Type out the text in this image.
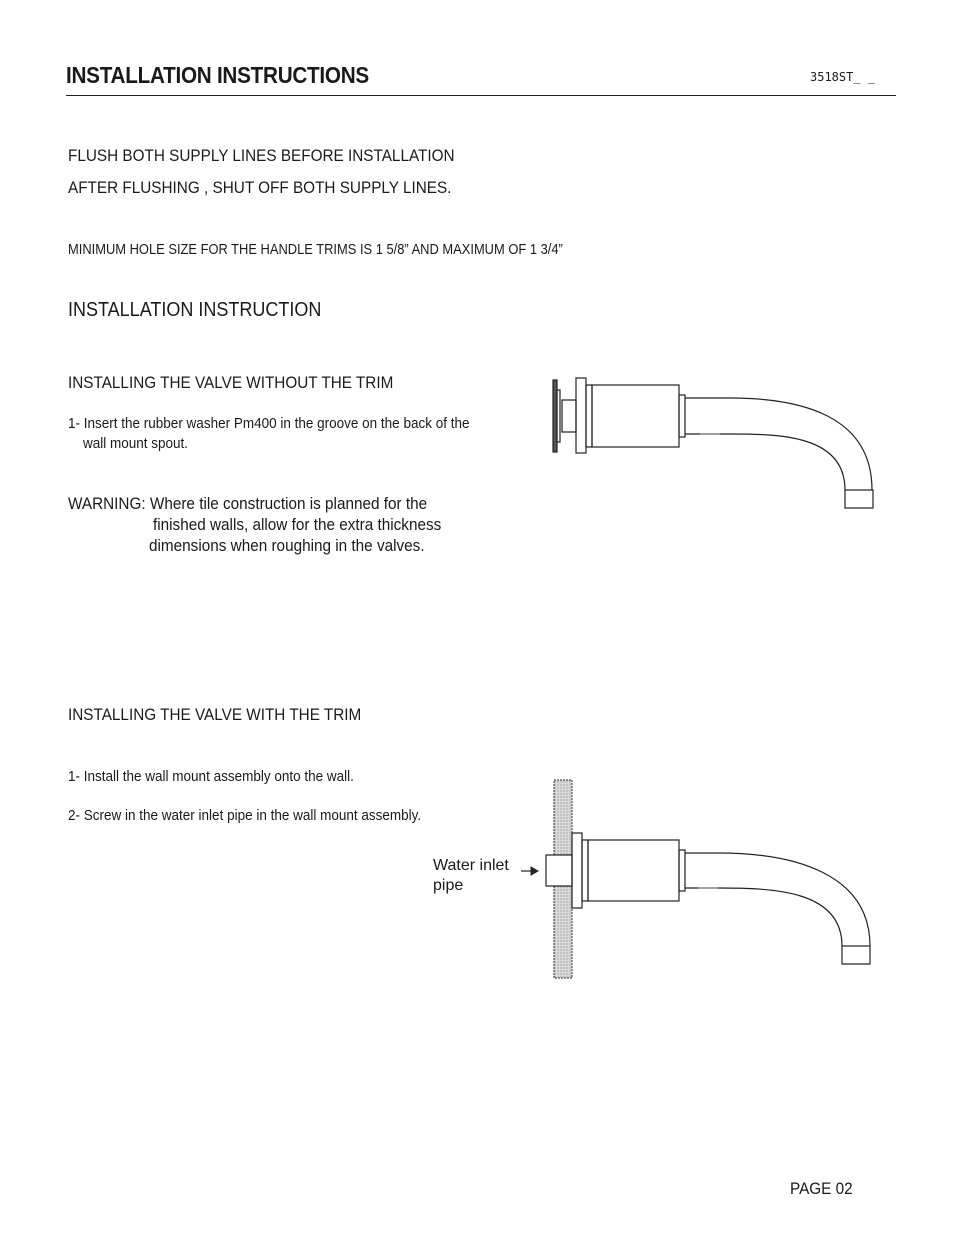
INSTALLATION INSTRUCTIONS	3518ST_ _
FLUSH BOTH SUPPLY LINES BEFORE INSTALLATION
AFTER FLUSHING , SHUT OFF BOTH SUPPLY LINES.
MINIMUM HOLE SIZE FOR THE HANDLE TRIMS IS 1 5/8” AND MAXIMUM OF 1 3/4”
INSTALLATION INSTRUCTION
INSTALLING THE VALVE WITHOUT THE TRIM
1- Insert the rubber washer Pm400 in the groove on the back of the
wall mount spout.
WARNING: Where tile construction is planned for the
finished walls, allow for the extra thickness
dimensions when roughing in the valves.
INSTALLING THE VALVE WITH THE TRIM
1- Install the wall mount assembly onto the wall.
2- Screw in the water inlet pipe in the wall mount assembly.
Water inlet
pipe
PAGE 02
